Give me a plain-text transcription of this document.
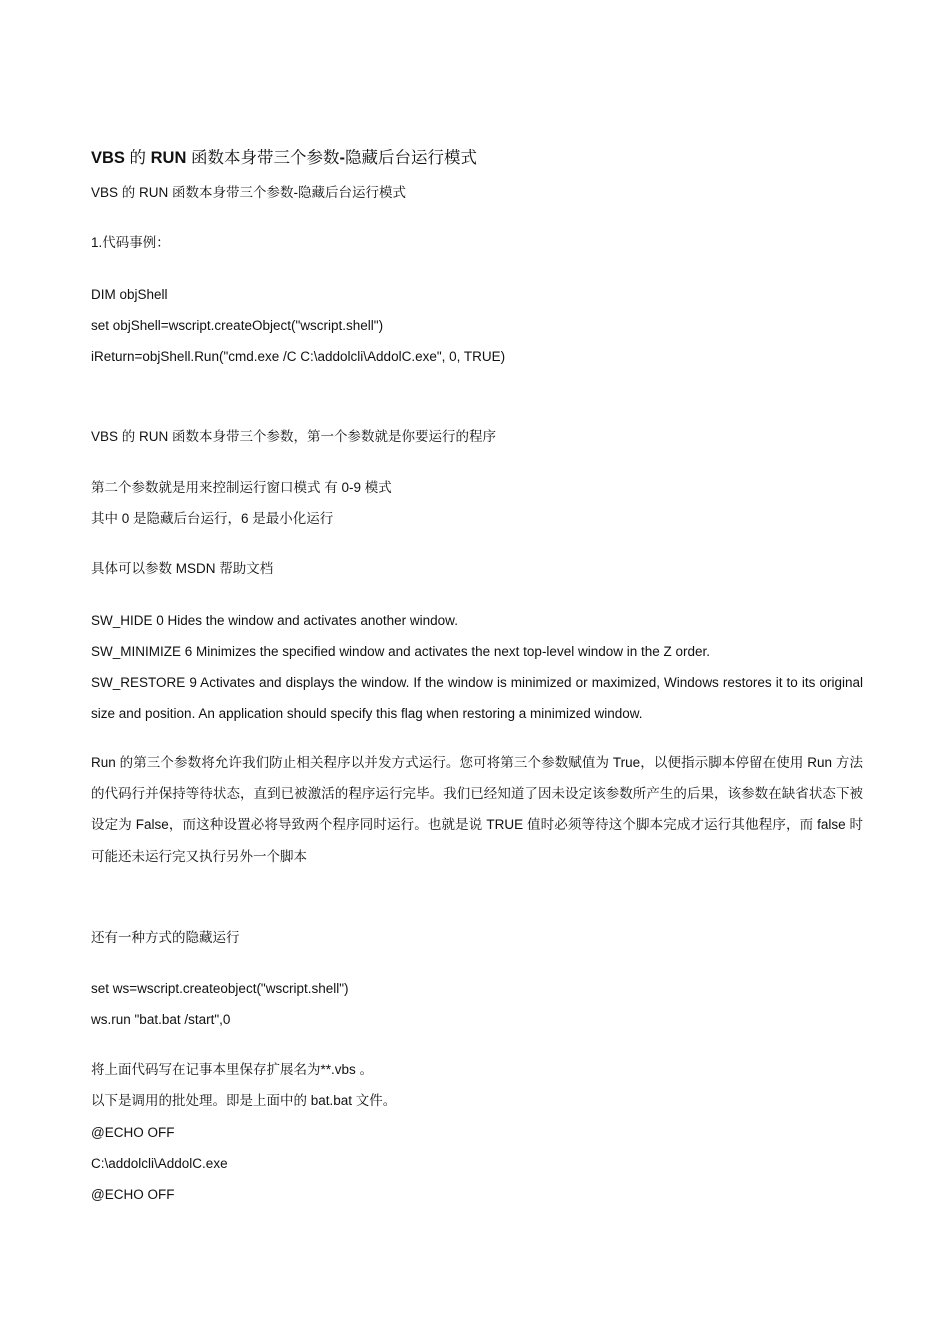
VBS 的 RUN 函数本身带三个参数-隐藏后台运行模式
VBS 的 RUN 函数本身带三个参数-隐藏后台运行模式
1.代码事例：
DIM objShell
set objShell=wscript.createObject("wscript.shell")
iReturn=objShell.Run("cmd.exe /C C:\addolcli\AddolC.exe", 0, TRUE)
VBS 的 RUN 函数本身带三个参数，第一个参数就是你要运行的程序
第二个参数就是用来控制运行窗口模式 有 0-9 模式
其中 0 是隐藏后台运行，6 是最小化运行
具体可以参数 MSDN 帮助文档
SW_HIDE 0 Hides the window and activates another window.
SW_MINIMIZE 6 Minimizes the specified window and activates the next top-level window in the Z order.
SW_RESTORE 9 Activates and displays the window. If the window is minimized or maximized, Windows restores it to its original size and position. An application should specify this flag when restoring a minimized window.
Run 的第三个参数将允许我们防止相关程序以并发方式运行。您可将第三个参数赋值为 True，以便指示脚本停留在使用 Run 方法的代码行并保持等待状态，直到已被激活的程序运行完毕。我们已经知道了因未设定该参数所产生的后果，该参数在缺省状态下被设定为 False，而这种设置必将导致两个程序同时运行。也就是说 TRUE 值时必须等待这个脚本完成才运行其他程序，而 false 时可能还未运行完又执行另外一个脚本
还有一种方式的隐藏运行
set ws=wscript.createobject("wscript.shell")
ws.run "bat.bat /start",0
将上面代码写在记事本里保存扩展名为**.vbs 。
以下是调用的批处理。即是上面中的 bat.bat 文件。
@ECHO OFF
C:\addolcli\AddolC.exe
@ECHO OFF
